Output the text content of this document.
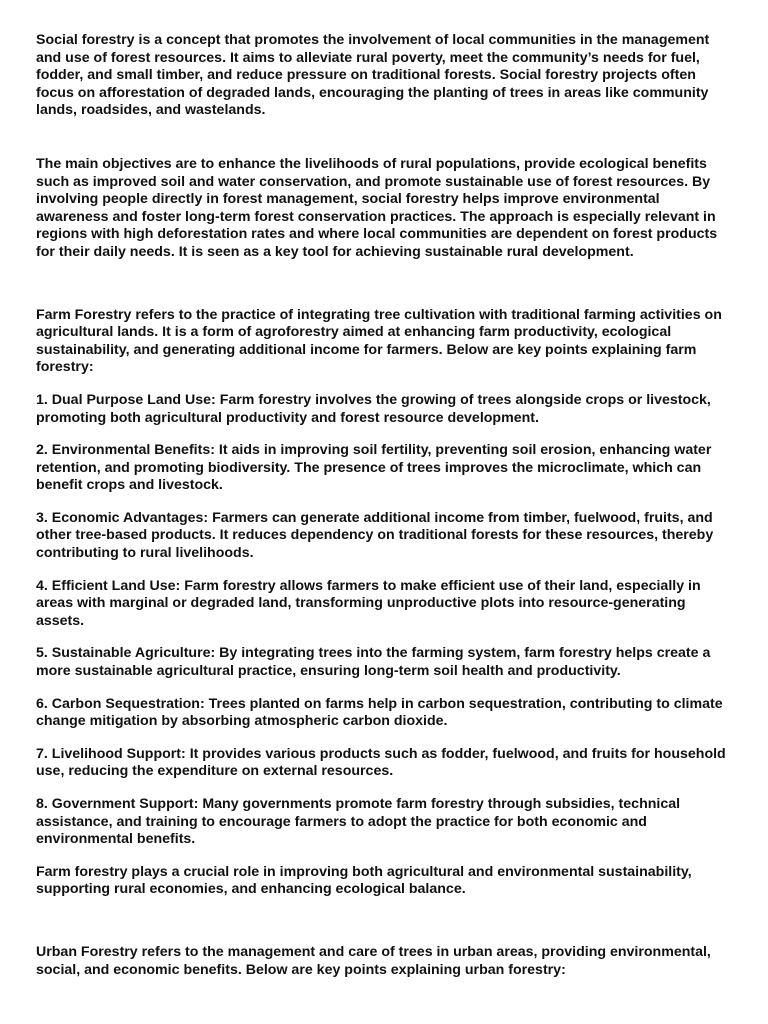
Social forestry is a concept that promotes the involvement of local communities in the management and use of forest resources. It aims to alleviate rural poverty, meet the community’s needs for fuel, fodder, and small timber, and reduce pressure on traditional forests. Social forestry projects often focus on afforestation of degraded lands, encouraging the planting of trees in areas like community lands, roadsides, and wastelands.

The main objectives are to enhance the livelihoods of rural populations, provide ecological benefits such as improved soil and water conservation, and promote sustainable use of forest resources. By involving people directly in forest management, social forestry helps improve environmental awareness and foster long-term forest conservation practices. The approach is especially relevant in regions with high deforestation rates and where local communities are dependent on forest products for their daily needs. It is seen as a key tool for achieving sustainable rural development.

Farm Forestry refers to the practice of integrating tree cultivation with traditional farming activities on agricultural lands. It is a form of agroforestry aimed at enhancing farm productivity, ecological sustainability, and generating additional income for farmers. Below are key points explaining farm forestry:

1. Dual Purpose Land Use: Farm forestry involves the growing of trees alongside crops or livestock, promoting both agricultural productivity and forest resource development.

2. Environmental Benefits: It aids in improving soil fertility, preventing soil erosion, enhancing water retention, and promoting biodiversity. The presence of trees improves the microclimate, which can benefit crops and livestock.

3. Economic Advantages: Farmers can generate additional income from timber, fuelwood, fruits, and other tree-based products. It reduces dependency on traditional forests for these resources, thereby contributing to rural livelihoods.

4. Efficient Land Use: Farm forestry allows farmers to make efficient use of their land, especially in areas with marginal or degraded land, transforming unproductive plots into resource-generating assets.

5. Sustainable Agriculture: By integrating trees into the farming system, farm forestry helps create a more sustainable agricultural practice, ensuring long-term soil health and productivity.

6. Carbon Sequestration: Trees planted on farms help in carbon sequestration, contributing to climate change mitigation by absorbing atmospheric carbon dioxide.

7. Livelihood Support: It provides various products such as fodder, fuelwood, and fruits for household use, reducing the expenditure on external resources.

8. Government Support: Many governments promote farm forestry through subsidies, technical assistance, and training to encourage farmers to adopt the practice for both economic and environmental benefits.

Farm forestry plays a crucial role in improving both agricultural and environmental sustainability, supporting rural economies, and enhancing ecological balance.

Urban Forestry refers to the management and care of trees in urban areas, providing environmental, social, and economic benefits. Below are key points explaining urban forestry:
